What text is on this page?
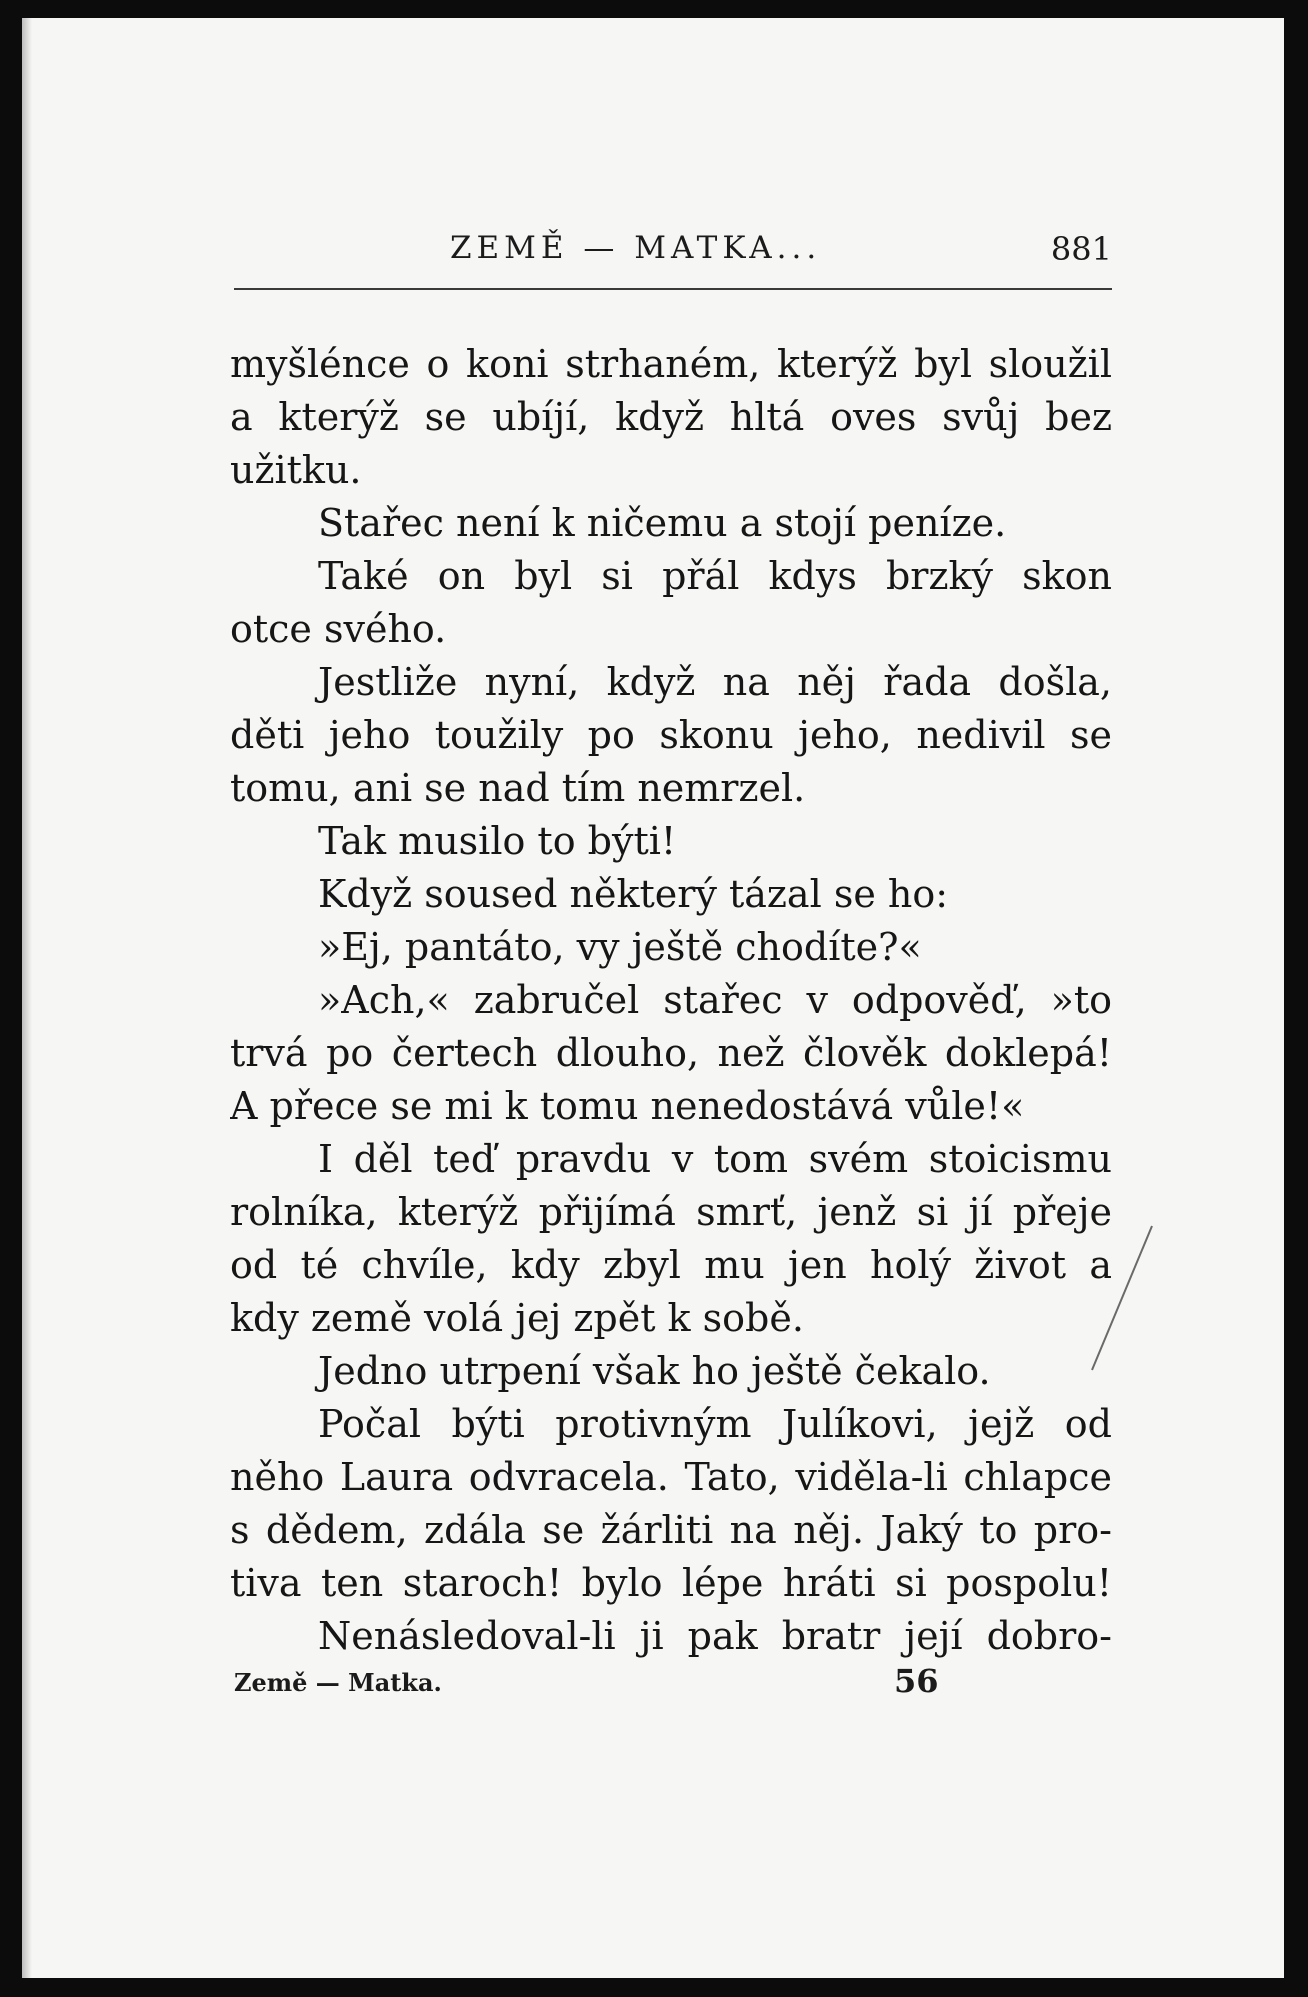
ZEMĚ — MATKA...	881
myšlénce o koni strhaném, kterýž byl sloužil
a kterýž se ubíjí, když hltá oves svůj bez
užitku.
Stařec není k ničemu a stojí peníze.
Také on byl si přál kdys brzký skon
otce svého.
Jestliže nyní, když na něj řada došla,
děti jeho toužily po skonu jeho, nedivil se
tomu, ani se nad tím nemrzel.
Tak musilo to býti!
Když soused některý tázal se ho:
»Ej, pantáto, vy ještě chodíte?«
»Ach,« zabručel stařec v odpověď, »to
trvá po čertech dlouho, než člověk doklepá!
A přece se mi k tomu nenedostává vůle!«
I děl teď pravdu v tom svém stoicismu
rolníka, kterýž přijímá smrť, jenž si jí přeje
od té chvíle, kdy zbyl mu jen holý život a
kdy země volá jej zpět k sobě.
Jedno utrpení však ho ještě čekalo.
Počal býti protivným Julíkovi, jejž od
něho Laura odvracela. Tato, viděla-li chlapce
s dědem, zdála se žárliti na něj. Jaký to pro-
tiva ten staroch! bylo lépe hráti si pospolu!
Nenásledoval-li ji pak bratr její dobro-
Země — Matka.	56
